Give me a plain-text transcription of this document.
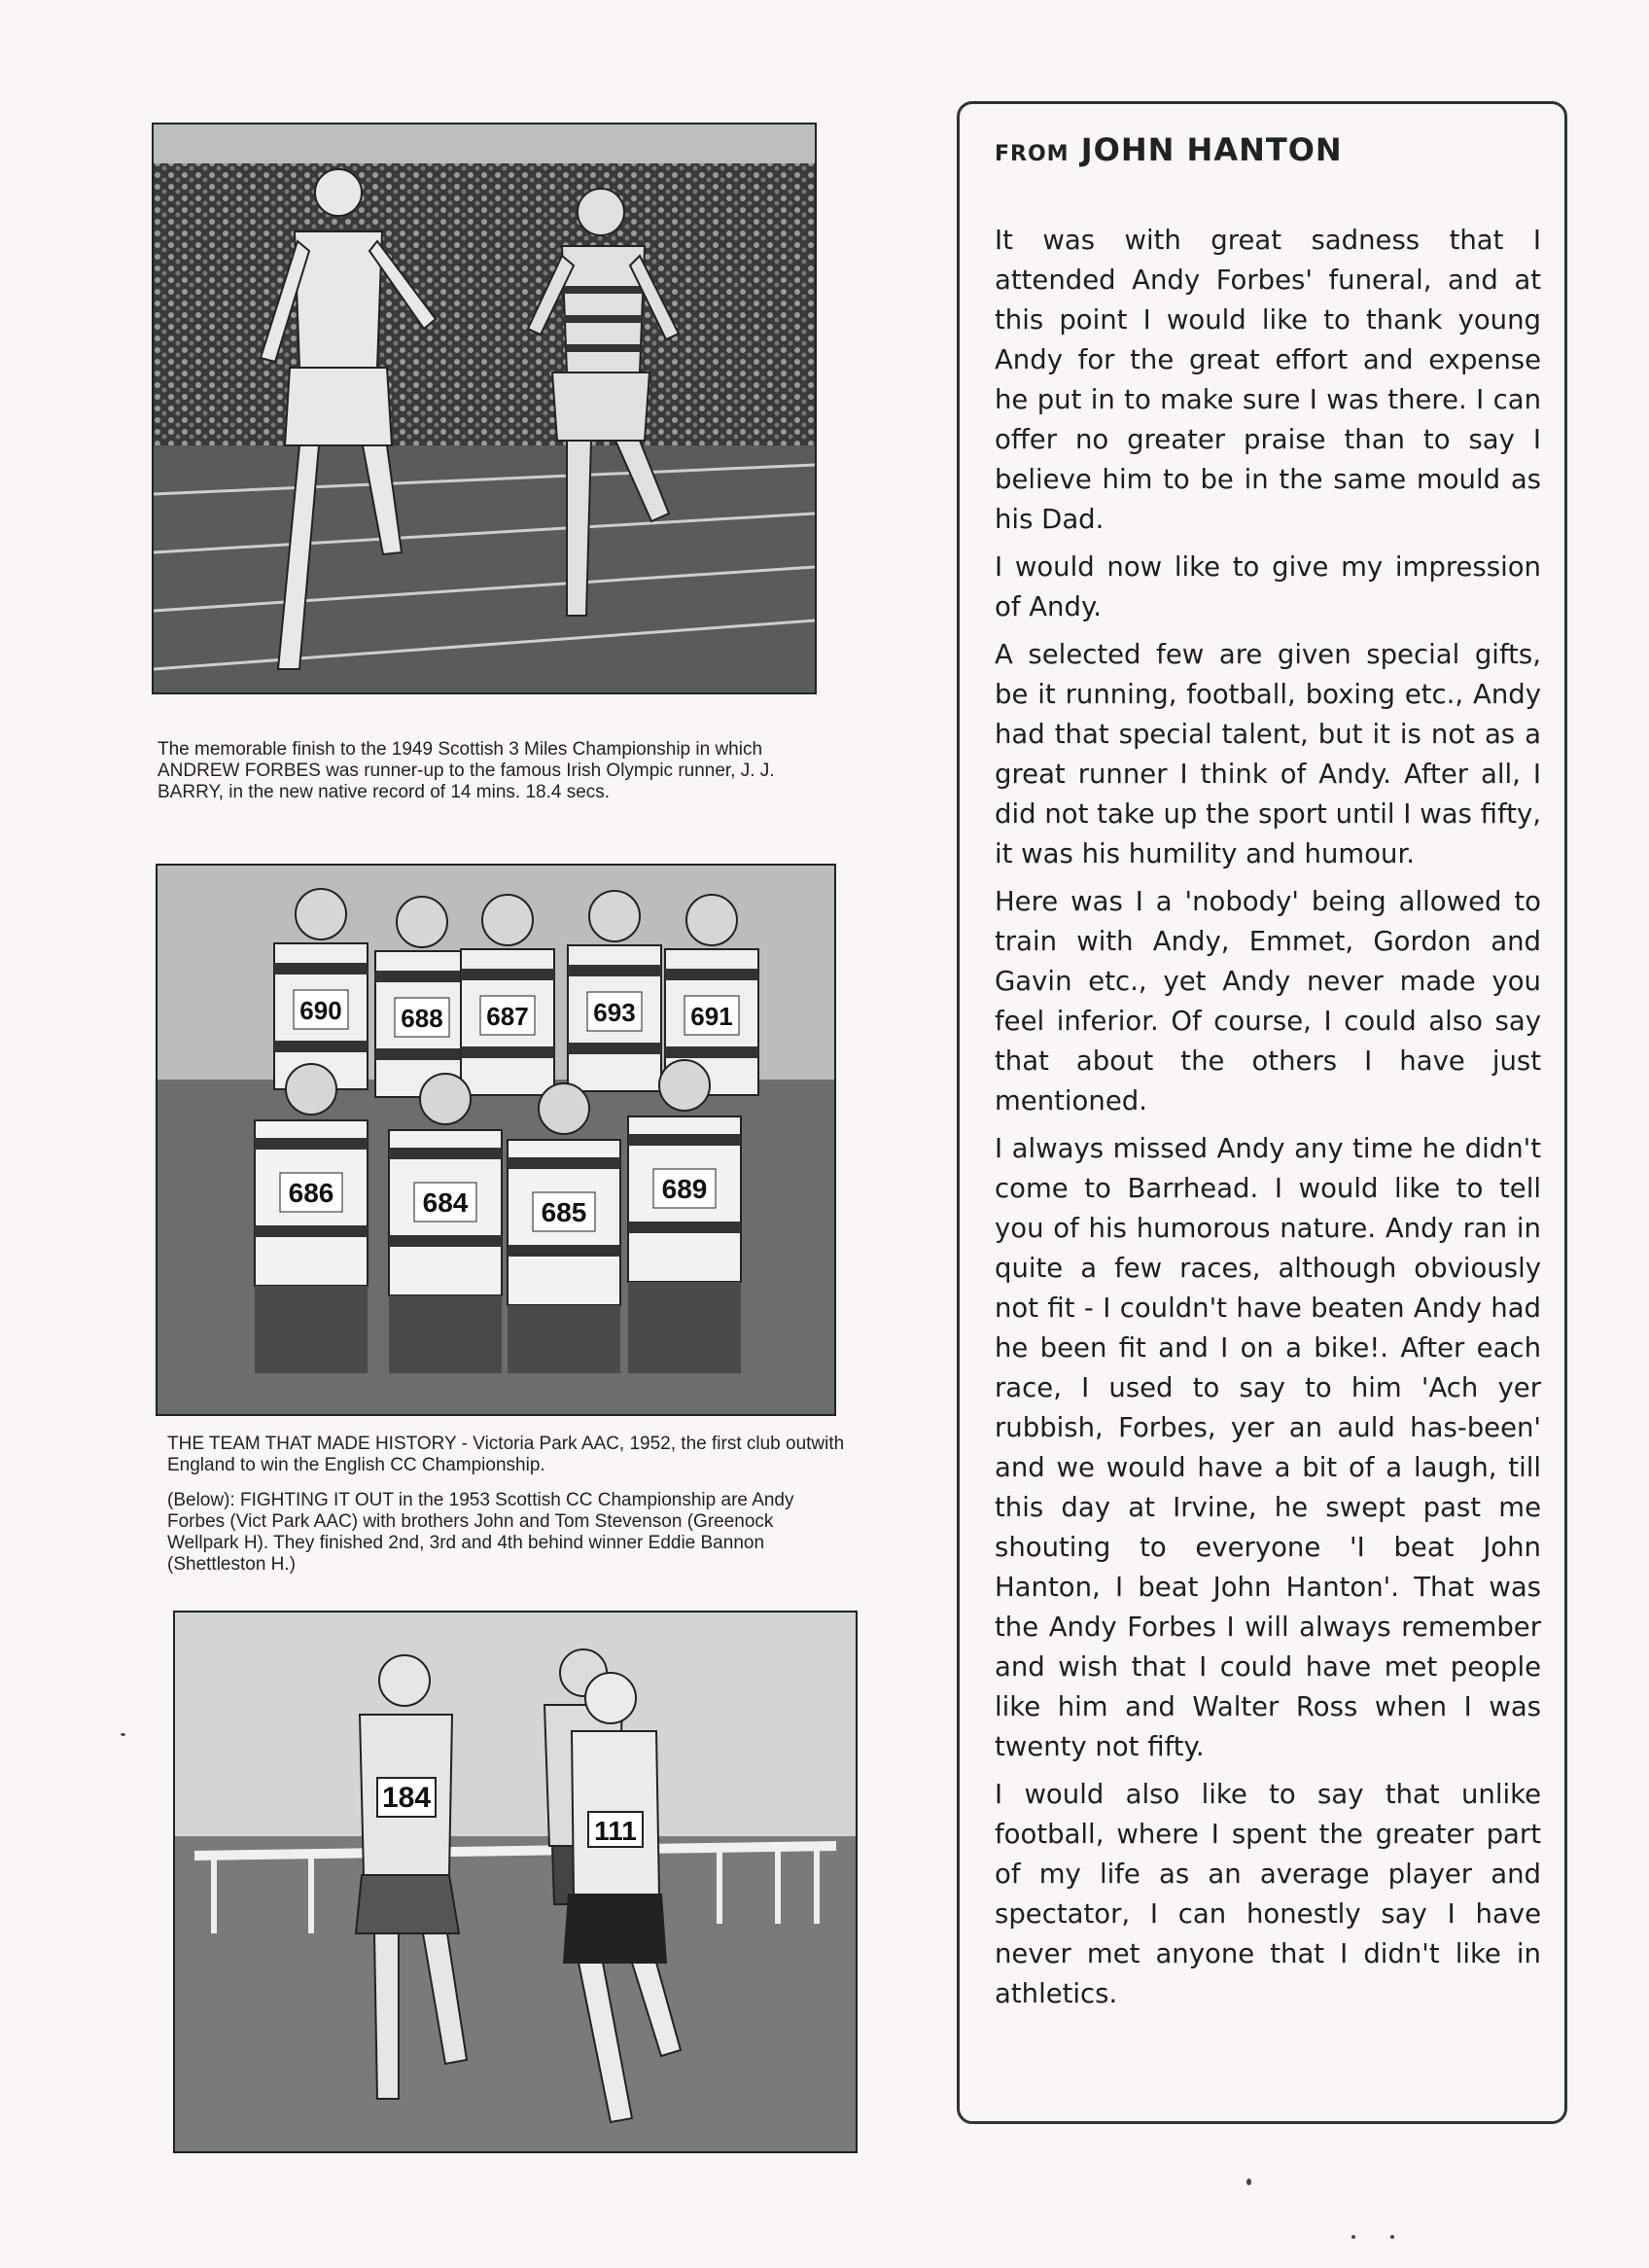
The memorable finish to the 1949 Scottish 3 Miles Championship in which ANDREW FORBES was runner-up to the famous Irish Olympic runner, J. J. BARRY, in the new native record of 14 mins. 18.4 secs.

690 688 687	693 691
686	684	685
689

THE TEAM THAT MADE HISTORY - Victoria Park AAC, 1952, the first club outwith England to win the English CC Championship.

(Below): FIGHTING IT OUT in the 1953 Scottish CC Championship are Andy Forbes (Vict Park AAC) with brothers John and Tom Stevenson (Greenock Wellpark H). They finished 2nd, 3rd and 4th behind winner Eddie Bannon (Shettleston H.)

184
111
FROM JOHN HANTON

It was with great sadness that I attended Andy Forbes' funeral, and at this point I would like to thank young Andy for the great effort and expense he put in to make sure I was there. I can offer no greater praise than to say I believe him to be in the same mould as his Dad.

I would now like to give my impression of Andy.

A selected few are given special gifts, be it running, football, boxing etc., Andy had that special talent, but it is not as a great runner I think of Andy. After all, I did not take up the sport until I was fifty, it was his humility and humour.

Here was I a 'nobody' being allowed to train with Andy, Emmet, Gordon and Gavin etc., yet Andy never made you feel inferior. Of course, I could also say that about the others I have just mentioned.

I always missed Andy any time he didn't come to Barrhead. I would like to tell you of his humorous nature. Andy ran in quite a few races, although obviously not fit - I couldn't have beaten Andy had he been fit and I on a bike!. After each race, I used to say to him 'Ach yer rubbish, Forbes, yer an auld has-been' and we would have a bit of a laugh, till this day at Irvine, he swept past me shouting to everyone 'I beat John Hanton, I beat John Hanton'. That was the Andy Forbes I will always remember and wish that I could have met people like him and Walter Ross when I was twenty not fifty.

I would also like to say that unlike football, where I spent the greater part of my life as an average player and spectator, I can honestly say I have never met anyone that I didn't like in athletics.
